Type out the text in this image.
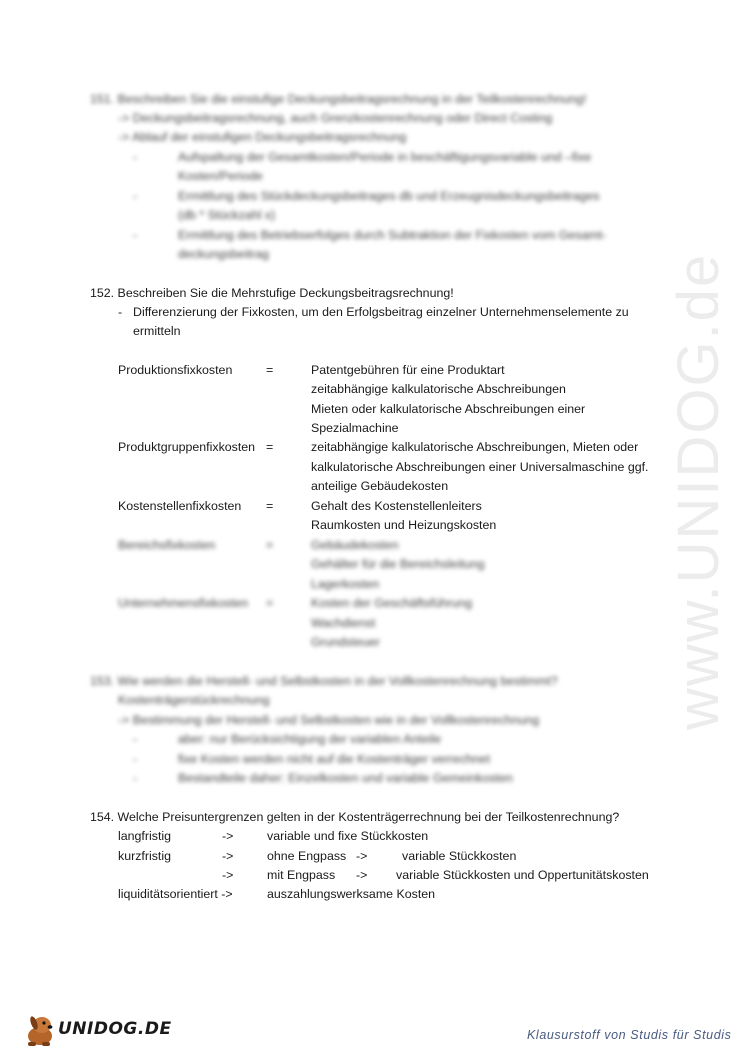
www.UNIDOG.de
151. Beschreiben Sie die einstufige Deckungsbeitragsrechnung in der Teilkostenrechnung!
-> Deckungsbeitragsrechnung, auch Grenzkostenrechnung oder Direct Costing
-> Ablauf der einstufigen Deckungsbeitragsrechnung
-	Aufspaltung der Gesamtkosten/Periode in beschäftigungsvariable und –fixe
Kosten/Periode
-	Ermittlung des Stückdeckungsbeitrages db und Erzeugnisdeckungsbeitrages
(db * Stückzahl x)
-	Ermittlung des Betriebserfolges durch Subtraktion der Fixkosten vom Gesamt-
deckungsbeitrag
152. Beschreiben Sie die Mehrstufige Deckungsbeitragsrechnung!
- Differenzierung der Fixkosten, um den Erfolgsbeitrag einzelner Unternehmenselemente zu
ermitteln
Produktionsfixkosten	=	Patentgebühren für eine Produktart
zeitabhängige kalkulatorische Abschreibungen
Mieten oder kalkulatorische Abschreibungen einer
Spezialmachine
Produktgruppenfixkosten =	zeitabhängige kalkulatorische Abschreibungen, Mieten oder
kalkulatorische Abschreibungen einer Universalmaschine ggf.
anteilige Gebäudekosten
Kostenstellenfixkosten =	Gehalt des Kostenstellenleiters
Raumkosten und Heizungskosten
Bereichsfixkosten	=	Gebäudekosten
Gehälter für die Bereichsleitung
Lagerkosten
Unternehmensfixkosten =	Kosten der Geschäftsführung
Wachdienst
Grundsteuer
153. Wie werden die Herstell- und Selbstkosten in der Vollkostenrechnung bestimmt?
Kostenträgerstückrechnung
-> Bestimmung der Herstell- und Selbstkosten wie in der Vollkostenrechnung
-	aber: nur Berücksichtigung der variablen Anteile
-	fixe Kosten werden nicht auf die Kostenträger verrechnet
-	Bestandteile daher: Einzelkosten und variable Gemeinkosten
154. Welche Preisuntergrenzen gelten in der Kostenträgerrechnung bei der Teilkostenrechnung?
langfristig	->	variable und fixe Stückkosten
kurzfristig	->	ohne Engpass ->	variable Stückkosten
->	mit Engpass -> variable Stückkosten und Oppertunitätskosten
liquiditätsorientiert ->	auszahlungswerksame Kosten
UNIDOG.DE	Klausurstoff von Studis für Studis
